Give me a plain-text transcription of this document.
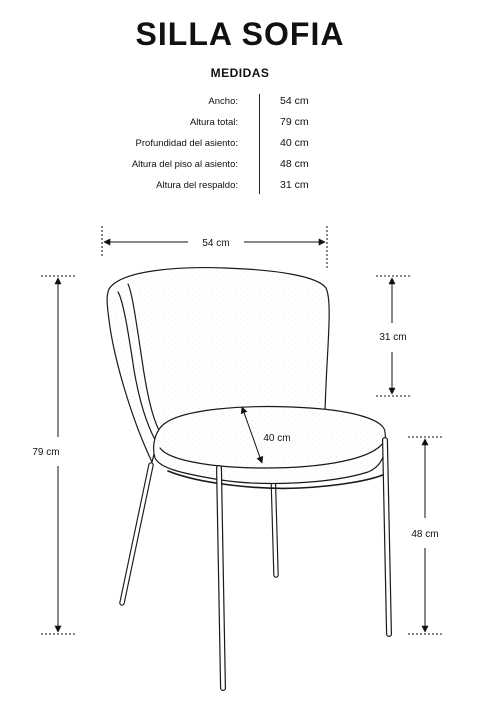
SILLA SOFIA
MEDIDAS
Ancho:	54 cm
Altura total:	79 cm
Profundidad del asiento:	40 cm
Altura del piso al asiento:	48 cm
Altura del respaldo:	31 cm
54 cm
79 cm
31 cm
40 cm
48 cm
